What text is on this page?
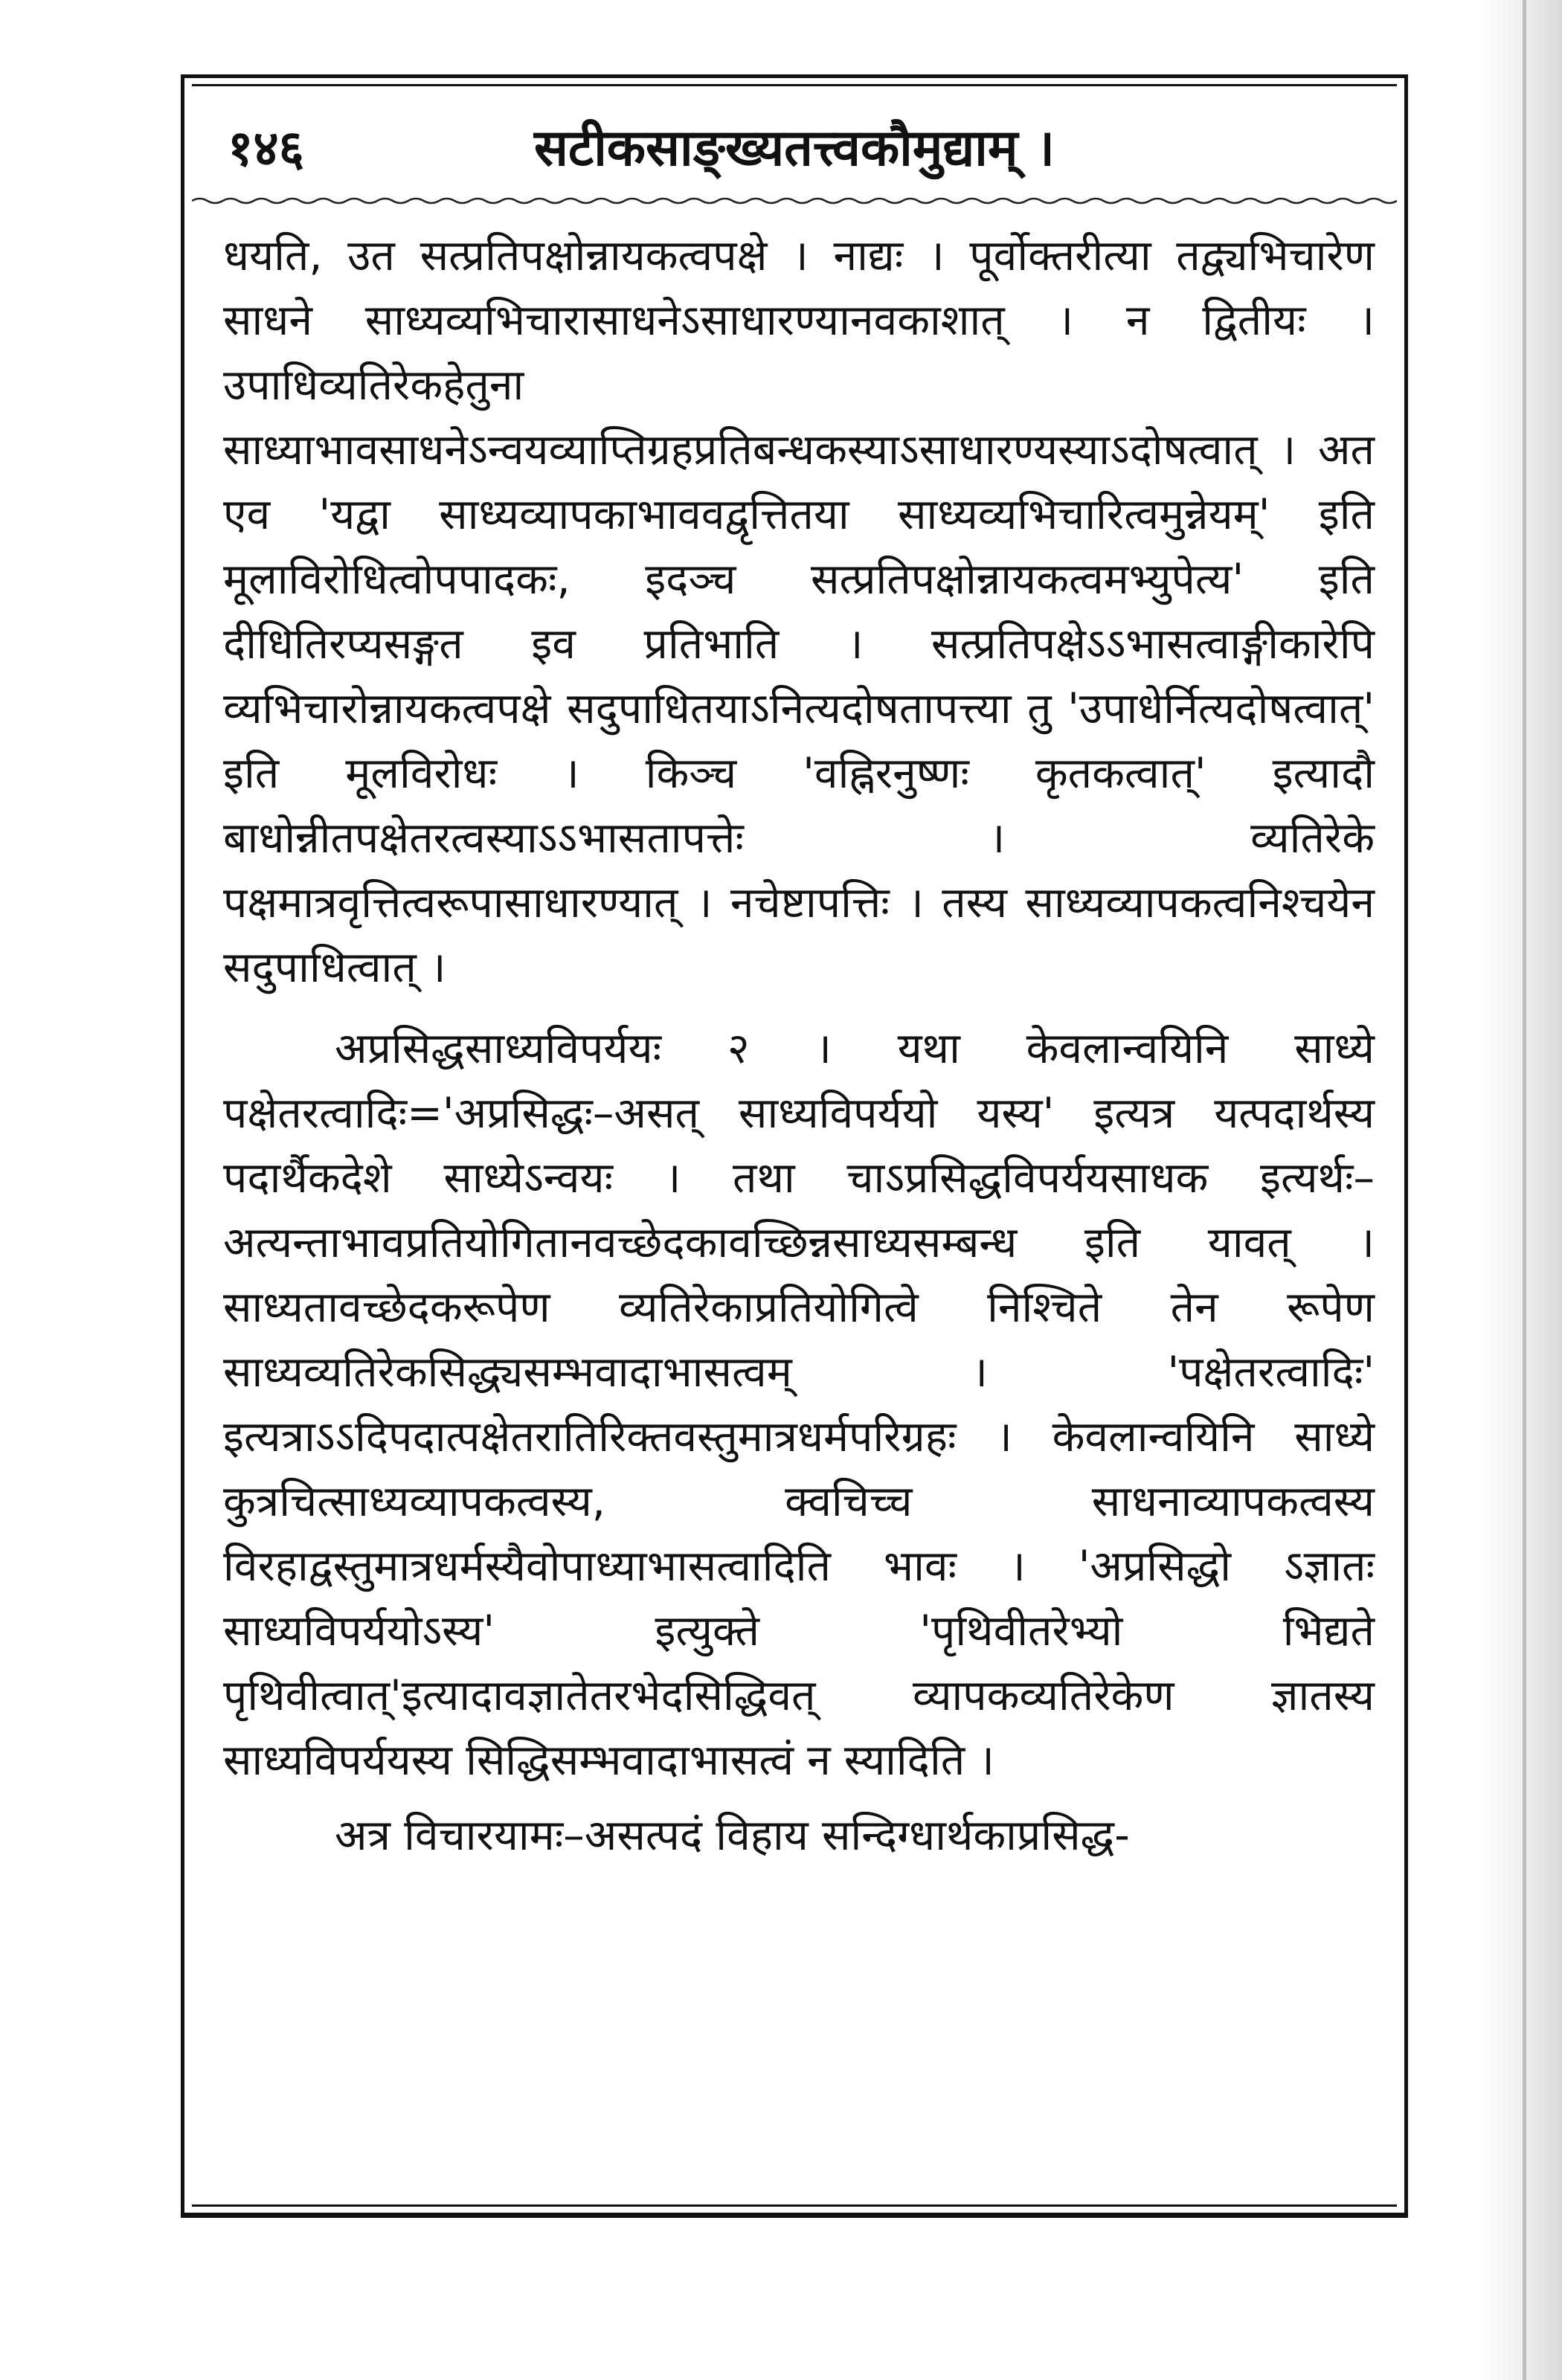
१४६	सटीकसाङ्ख्यतत्त्वकौमुद्याम् ।

धयति, उत सत्प्रतिपक्षोन्नायकत्वपक्षे । नाद्यः । पूर्वोक्तरीत्या तद्व्यभिचारेण साधने साध्यव्यभिचारासाधनेऽसाधारण्यानवकाशात् । न द्वितीयः । उपाधिव्यतिरेकहेतुना साध्याभावसाधनेऽन्वयव्याप्तिग्रहप्रतिबन्धकस्याऽसाधारण्यस्याऽदोषत्वात् । अत एव 'यद्वा साध्यव्यापकाभाववद्वृत्तितया साध्यव्यभिचारित्वमुन्नेयम्' इति मूलाविरोधित्वोपपादकः, इदञ्च सत्प्रतिपक्षोन्नायकत्वमभ्युपेत्य' इति दीधितिरप्यसङ्गत इव प्रतिभाति । सत्प्रतिपक्षेऽऽभासत्वाङ्गीकारेपि व्यभिचारोन्नायकत्वपक्षे सदुपाधितयाऽनित्यदोषतापत्त्या तु 'उपाधेर्नित्यदोषत्वात्' इति मूलविरोधः । किञ्च 'वह्निरनुष्णः कृतकत्वात्' इत्यादौ बाधोन्नीतपक्षेतरत्वस्याऽऽभासतापत्तेः । व्यतिरेके पक्षमात्रवृत्तित्वरूपासाधारण्यात् । नचेष्टापत्तिः । तस्य साध्यव्यापकत्वनिश्चयेन सदुपाधित्वात् ।

अप्रसिद्धसाध्यविपर्ययः २ । यथा केवलान्वयिनि साध्ये पक्षेतरत्वादिः='अप्रसिद्धः–असत् साध्यविपर्ययो यस्य' इत्यत्र यत्पदार्थस्य पदार्थैकदेशे साध्येऽन्वयः । तथा चाऽप्रसिद्धविपर्ययसाधक इत्यर्थः–अत्यन्ताभावप्रतियोगितानवच्छेदकावच्छिन्नसाध्यसम्बन्ध इति यावत् । साध्यतावच्छेदकरूपेण व्यतिरेकाप्रतियोगित्वे निश्चिते तेन रूपेण साध्यव्यतिरेकसिद्ध्यसम्भवादाभासत्वम् । 'पक्षेतरत्वादिः' इत्यत्राऽऽदिपदात्पक्षेतरातिरिक्तवस्तुमात्रधर्मपरिग्रहः । केवलान्वयिनि साध्ये कुत्रचित्साध्यव्यापकत्वस्य, क्वचिच्च साधनाव्यापकत्वस्य विरहाद्वस्तुमात्रधर्मस्यैवोपाध्याभासत्वादिति भावः । 'अप्रसिद्धो ऽज्ञातः साध्यविपर्ययोऽस्य' इत्युक्ते 'पृथिवीतरेभ्यो भिद्यते पृथिवीत्वात्'इत्यादावज्ञातेतरभेदसिद्धिवत् व्यापकव्यतिरेकेण ज्ञातस्य साध्यविपर्ययस्य सिद्धिसम्भवादाभासत्वं न स्यादिति ।

अत्र विचारयामः–असत्पदं विहाय सन्दिग्धार्थकाप्रसिद्ध-
